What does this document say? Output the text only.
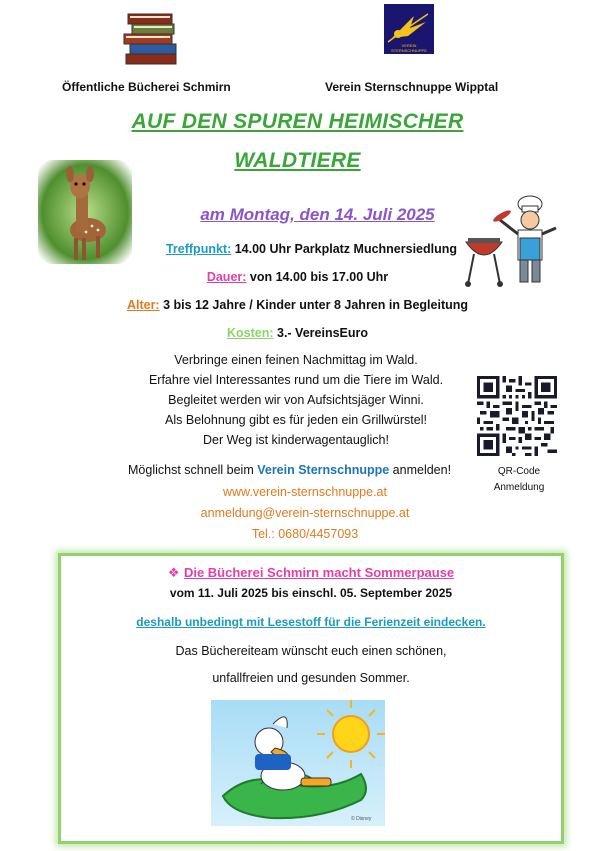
VEREIN STERNSCHNUPPE
Öffentliche Bücherei Schmirn	Verein Sternschnuppe Wipptal
AUF DEN SPUREN HEIMISCHER
WALDTIERE
am Montag, den 14. Juli 2025
Treffpunkt: 14.00 Uhr Parkplatz Muchnersiedlung
Dauer: von 14.00 bis 17.00 Uhr
Alter: 3 bis 12 Jahre / Kinder unter 8 Jahren in Begleitung
Kosten: 3.- VereinsEuro
Verbringe einen feinen Nachmittag im Wald.
Erfahre viel Interessantes rund um die Tiere im Wald.
Begleitet werden wir von Aufsichtsjäger Winni.
Als Belohnung gibt es für jeden ein Grillwürstel!
Der Weg ist kinderwagentauglich!
QR-Code
Anmeldung
Möglichst schnell beim Verein Sternschnuppe anmelden!
www.verein-sternschnuppe.at
anmeldung@verein-sternschnuppe.at
Tel.: 0680/4457093
❖ Die Bücherei Schmirn macht Sommerpause
vom 11. Juli 2025 bis einschl. 05. September 2025
deshalb unbedingt mit Lesestoff für die Ferienzeit eindecken.
Das Büchereiteam wünscht euch einen schönen,
unfallfreien und gesunden Sommer.
© Disney
